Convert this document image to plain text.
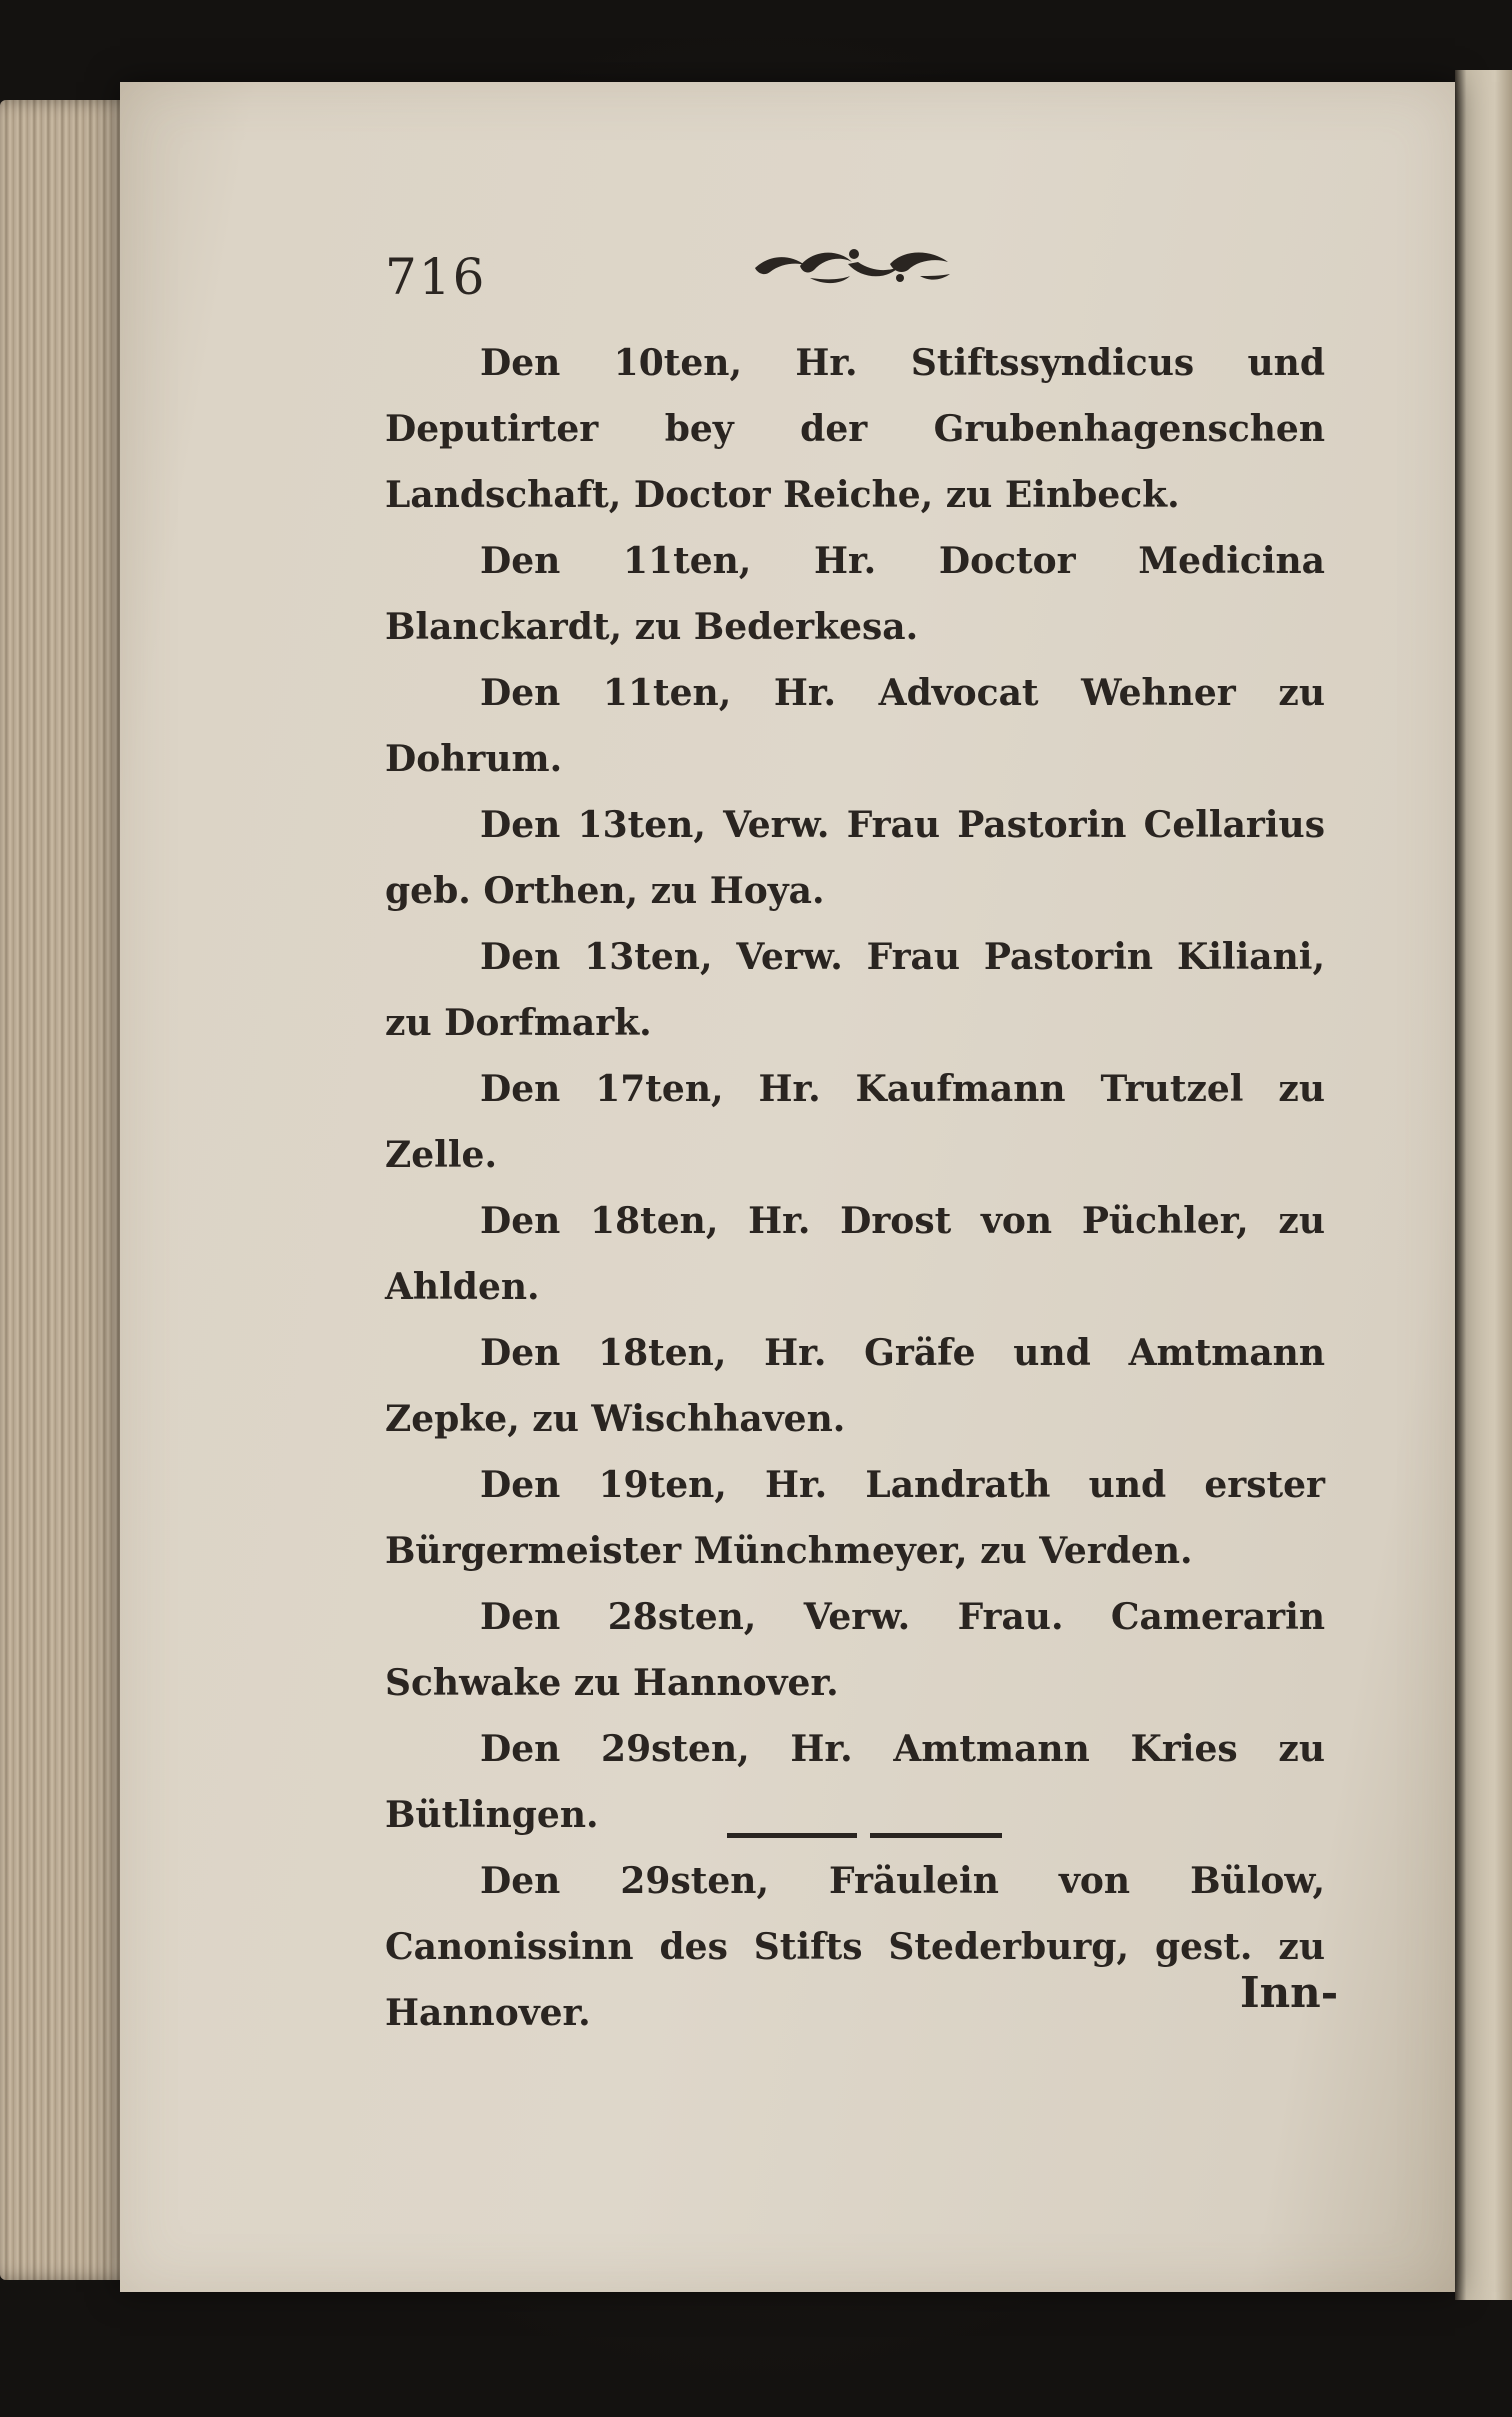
716

Den 10ten, Hr. Stiftssyndicus und Deputirter bey der Grubenhagenschen Landschaft, Doctor Reiche, zu Einbeck.

Den 11ten, Hr. Doctor Medicina Blanckardt, zu Bederkesa.

Den 11ten, Hr. Advocat Wehner zu Dohrum.

Den 13ten, Verw. Frau Pastorin Cellarius geb. Orthen, zu Hoya.

Den 13ten, Verw. Frau Pastorin Kiliani, zu Dorfmark.

Den 17ten, Hr. Kaufmann Trutzel zu Zelle.

Den 18ten, Hr. Drost von Püchler, zu Ahlden.

Den 18ten, Hr. Gräfe und Amtmann Zepke, zu Wischhaven.

Den 19ten, Hr. Landrath und erster Bürgermeister Münchmeyer, zu Verden.

Den 28sten, Verw. Frau. Camerarin Schwake zu Hannover.

Den 29sten, Hr. Amtmann Kries zu Bütlingen.

Den 29sten, Fräulein von Bülow, Canonissinn des Stifts Stederburg, gest. zu Hannover.	Inn-
